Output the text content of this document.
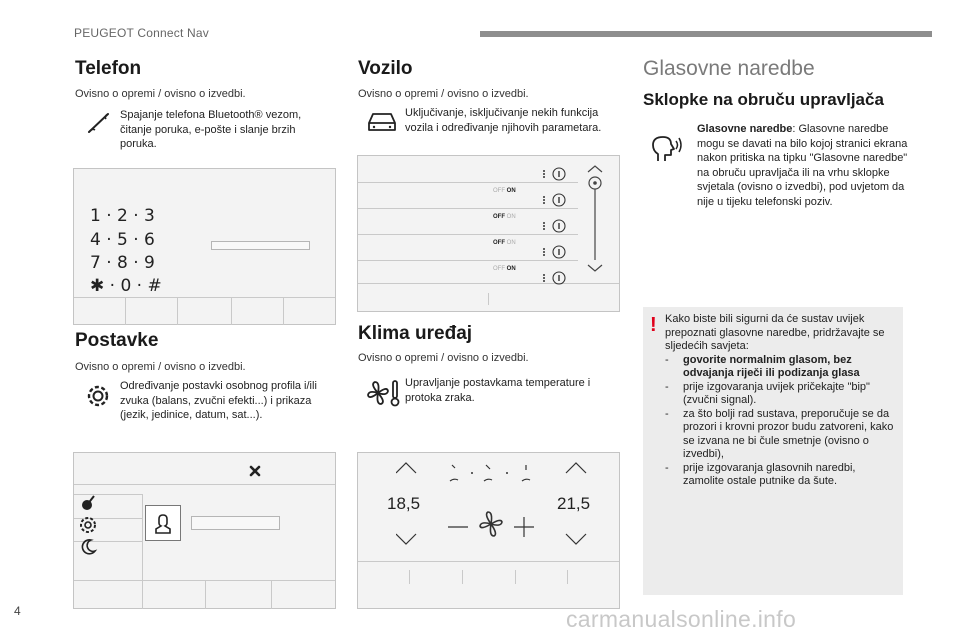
PEUGEOT Connect Nav
Telefon
Ovisno o opremi / ovisno o izvedbi.
Spajanje telefona Bluetooth® vezom, čitanje poruka, e-pošte i slanje brzih poruka.
1 · 2 · 3
4 · 5 · 6
7 · 8 · 9
✱ · 0 · #
Postavke
Ovisno o opremi / ovisno o izvedbi.
Određivanje postavki osobnog profila i/ili zvuka (balans, zvučni efekti...) i prikaza (jezik, jedinice, datum, sat...).
Vozilo
Ovisno o opremi / ovisno o izvedbi.
Uključivanje, isključivanje nekih funkcija vozila i određivanje njihovih parametara.
OFF ON
OFF ON
OFF ON
OFF ON
Klima uređaj
Ovisno o opremi / ovisno o izvedbi.
Upravljanje postavkama temperature i protoka zraka.
18,5	21,5
Glasovne naredbe
Sklopke na obruču upravljača
Glasovne naredbe: Glasovne naredbe mogu se davati na bilo kojoj stranici ekrana nakon pritiska na tipku "Glasovne naredbe" na obruču upravljača ili na vrhu sklopke svjetala (ovisno o izvedbi), pod uvjetom da nije u tijeku telefonski poziv.
! Kako biste bili sigurni da će sustav uvijek prepoznati glasovne naredbe, pridržavajte se sljedećih savjeta:
- govorite normalnim glasom, bez odvajanja riječi ili podizanja glasa
- prije izgovaranja uvijek pričekajte "bip" (zvučni signal).
- za što bolji rad sustava, preporučuje se da prozori i krovni prozor budu zatvoreni, kako se izvana ne bi čule smetnje (ovisno o izvedbi),
- prije izgovaranja glasovnih naredbi, zamolite ostale putnike da šute.
4	carmanualsonline.info
